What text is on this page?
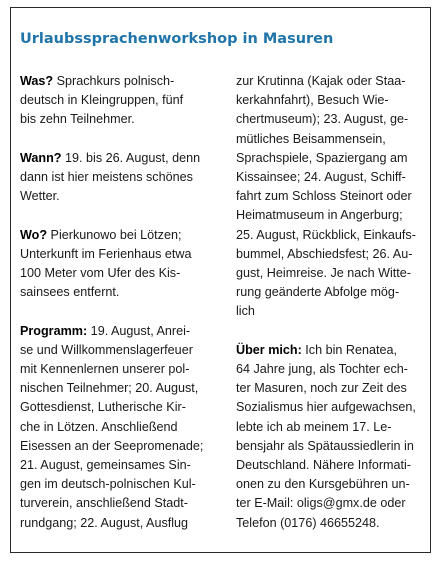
Urlaubssprachenworkshop in Masuren
Was? Sprachkurs polnisch-
deutsch in Kleingruppen, fünf
bis zehn Teilnehmer.
Wann? 19. bis 26. August, denn
dann ist hier meistens schönes
Wetter.
Wo? Pierkunowo bei Lötzen;
Unterkunft im Ferienhaus etwa
100 Meter vom Ufer des Kis-
sainsees entfernt.
Programm: 19. August, Anrei-
se und Willkommenslagerfeuer
mit Kennenlernen unserer pol-
nischen Teilnehmer; 20. August,
Gottesdienst, Lutherische Kir-
che in Lötzen. Anschließend
Eisessen an der Seepromenade;
21. August, gemeinsames Sin-
gen im deutsch-polnischen Kul-
turverein, anschließend Stadt-
rundgang; 22. August, Ausflug
zur Krutinna (Kajak oder Staa-
kerkahnfahrt), Besuch Wie-
chertmuseum); 23. August, ge-
mütliches Beisammensein,
Sprachspiele, Spaziergang am
Kissainsee; 24. August, Schiff-
fahrt zum Schloss Steinort oder
Heimatmuseum in Angerburg;
25. August, Rückblick, Einkaufs-
bummel, Abschiedsfest; 26. Au-
gust, Heimreise. Je nach Witte-
rung geänderte Abfolge mög-
lich
Über mich: Ich bin Renatea,
64 Jahre jung, als Tochter ech-
ter Masuren, noch zur Zeit des
Sozialismus hier aufgewachsen,
lebte ich ab meinem 17. Le-
bensjahr als Spätaussiedlerin in
Deutschland. Nähere Informati-
onen zu den Kursgebühren un-
ter E-Mail: oligs@gmx.de oder
Telefon (0176) 46655248.
